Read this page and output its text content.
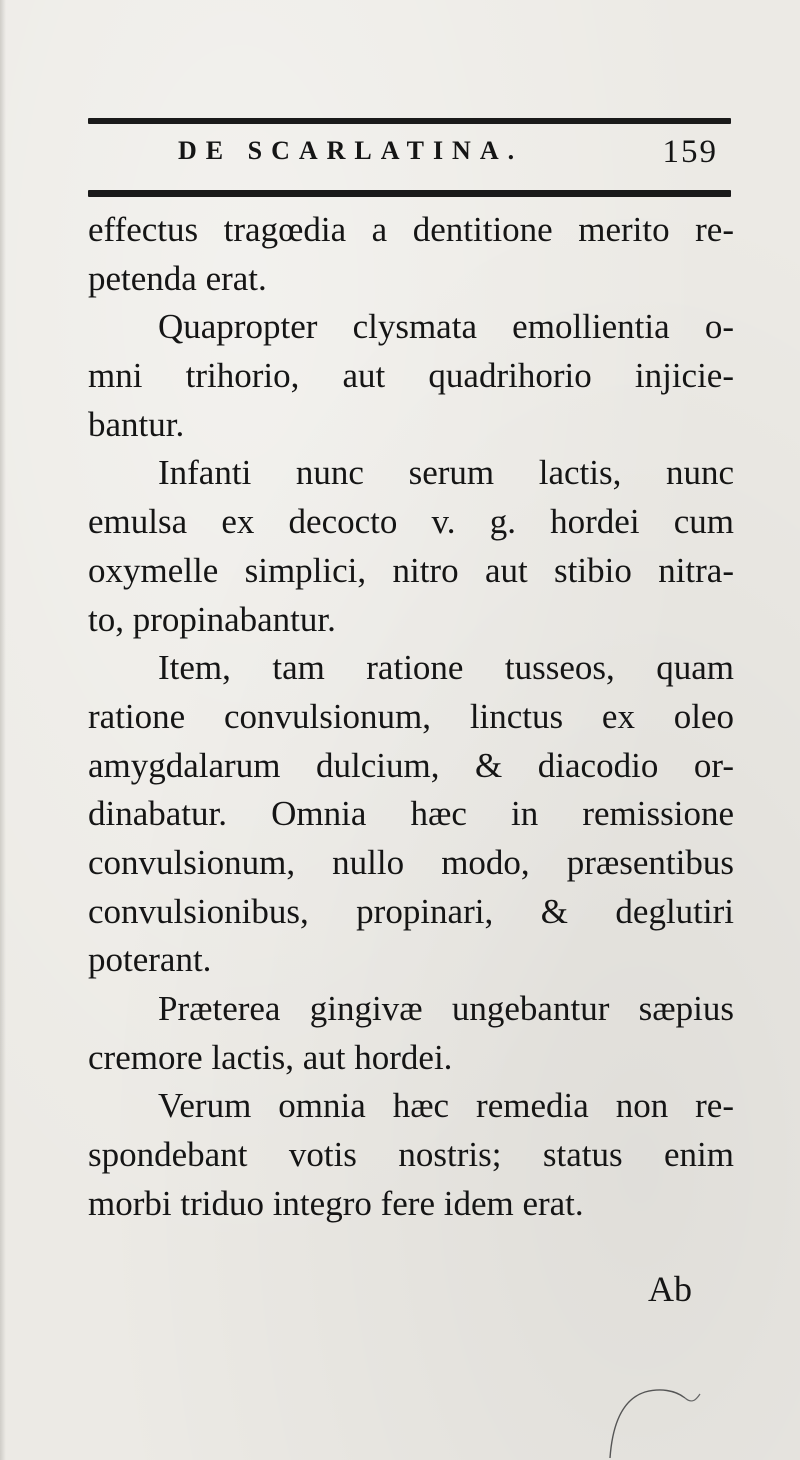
DE SCARLATINA.	159
effectus tragœdia a dentitione merito re-
petenda erat.
Quapropter clysmata emollientia o-
mni trihorio, aut quadrihorio injicie-
bantur.
Infanti nunc serum lactis, nunc
emulsa ex decocto v. g. hordei cum
oxymelle simplici, nitro aut stibio nitra-
to, propinabantur.
Item, tam ratione tusseos, quam
ratione convulsionum, linctus ex oleo
amygdalarum dulcium, & diacodio or-
dinabatur. Omnia hæc in remissione
convulsionum, nullo modo, præsentibus
convulsionibus, propinari, & deglutiri
poterant.
Præterea gingivæ ungebantur sæpius
cremore lactis, aut hordei.
Verum omnia hæc remedia non re-
spondebant votis nostris; status enim
morbi triduo integro fere idem erat.
Ab
